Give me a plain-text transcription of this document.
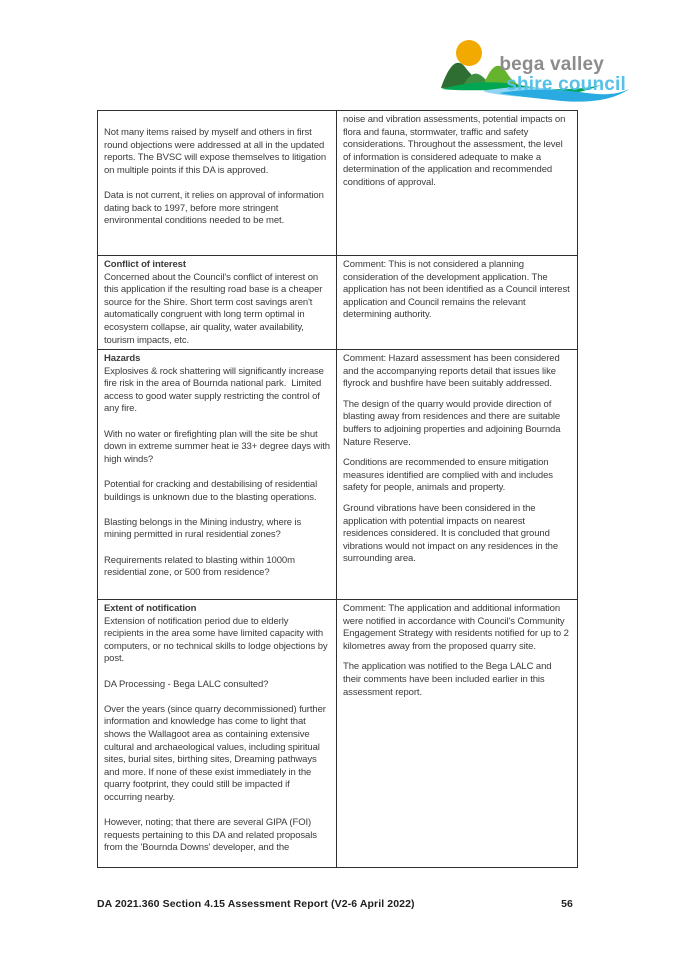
bega valley
shire council

Not many items raised by myself and others in first round objections were addressed at all in the updated reports. The BVSC will expose themselves to litigation on multiple points if this DA is approved.

Data is not current, it relies on approval of information dating back to 1997, before more stringent environmental conditions needed to be met.

noise and vibration assessments, potential impacts on flora and fauna, stormwater, traffic and safety considerations. Throughout the assessment, the level of information is considered adequate to make a determination of the application and recommended conditions of approval.

Conflict of interest

Concerned about the Council's conflict of interest on this application if the resulting road base is a cheaper source for the Shire. Short term cost savings aren't automatically congruent with long term optimal in ecosystem collapse, air quality, water availability, tourism impacts, etc.

Comment: This is not considered a planning consideration of the development application. The application has not been identified as a Council interest application and Council remains the relevant determining authority.

Hazards

Explosives & rock shattering will significantly increase fire risk in the area of Bournda national park.  Limited access to good water supply restricting the control of any fire.

With no water or firefighting plan will the site be shut down in extreme summer heat ie 33+ degree days with high winds?

Potential for cracking and destabilising of residential buildings is unknown due to the blasting operations.

Blasting belongs in the Mining industry, where is mining permitted in rural residential zones?

Requirements related to blasting within 1000m residential zone, or 500 from residence?

Comment: Hazard assessment has been considered and the accompanying reports detail that issues like flyrock and bushfire have been suitably addressed.

The design of the quarry would provide direction of blasting away from residences and there are suitable buffers to adjoining properties and adjoining Bournda Nature Reserve.

Conditions are recommended to ensure mitigation measures identified are complied with and includes safety for people, animals and property.

Ground vibrations have been considered in the application with potential impacts on nearest residences considered. It is concluded that ground vibrations would not impact on any residences in the surrounding area.

Extent of notification

Extension of notification period due to elderly recipients in the area some have limited capacity with computers, or no technical skills to lodge objections by post.

DA Processing - Bega LALC consulted?

Over the years (since quarry decommissioned) further information and knowledge has come to light that shows the Wallagoot area as containing extensive cultural and archaeological values, including spiritual sites, burial sites, birthing sites, Dreaming pathways and more. If none of these exist immediately in the quarry footprint, they could still be impacted if occurring nearby.

However, noting; that there are several GIPA (FOI) requests pertaining to this DA and related proposals from the 'Bournda Downs' developer, and the

Comment: The application and additional information were notified in accordance with Council's Community Engagement Strategy with residents notified for up to 2 kilometres away from the proposed quarry site.

The application was notified to the Bega LALC and their comments have been included earlier in this assessment report.

DA 2021.360 Section 4.15 Assessment Report (V2-6 April 2022)	56
